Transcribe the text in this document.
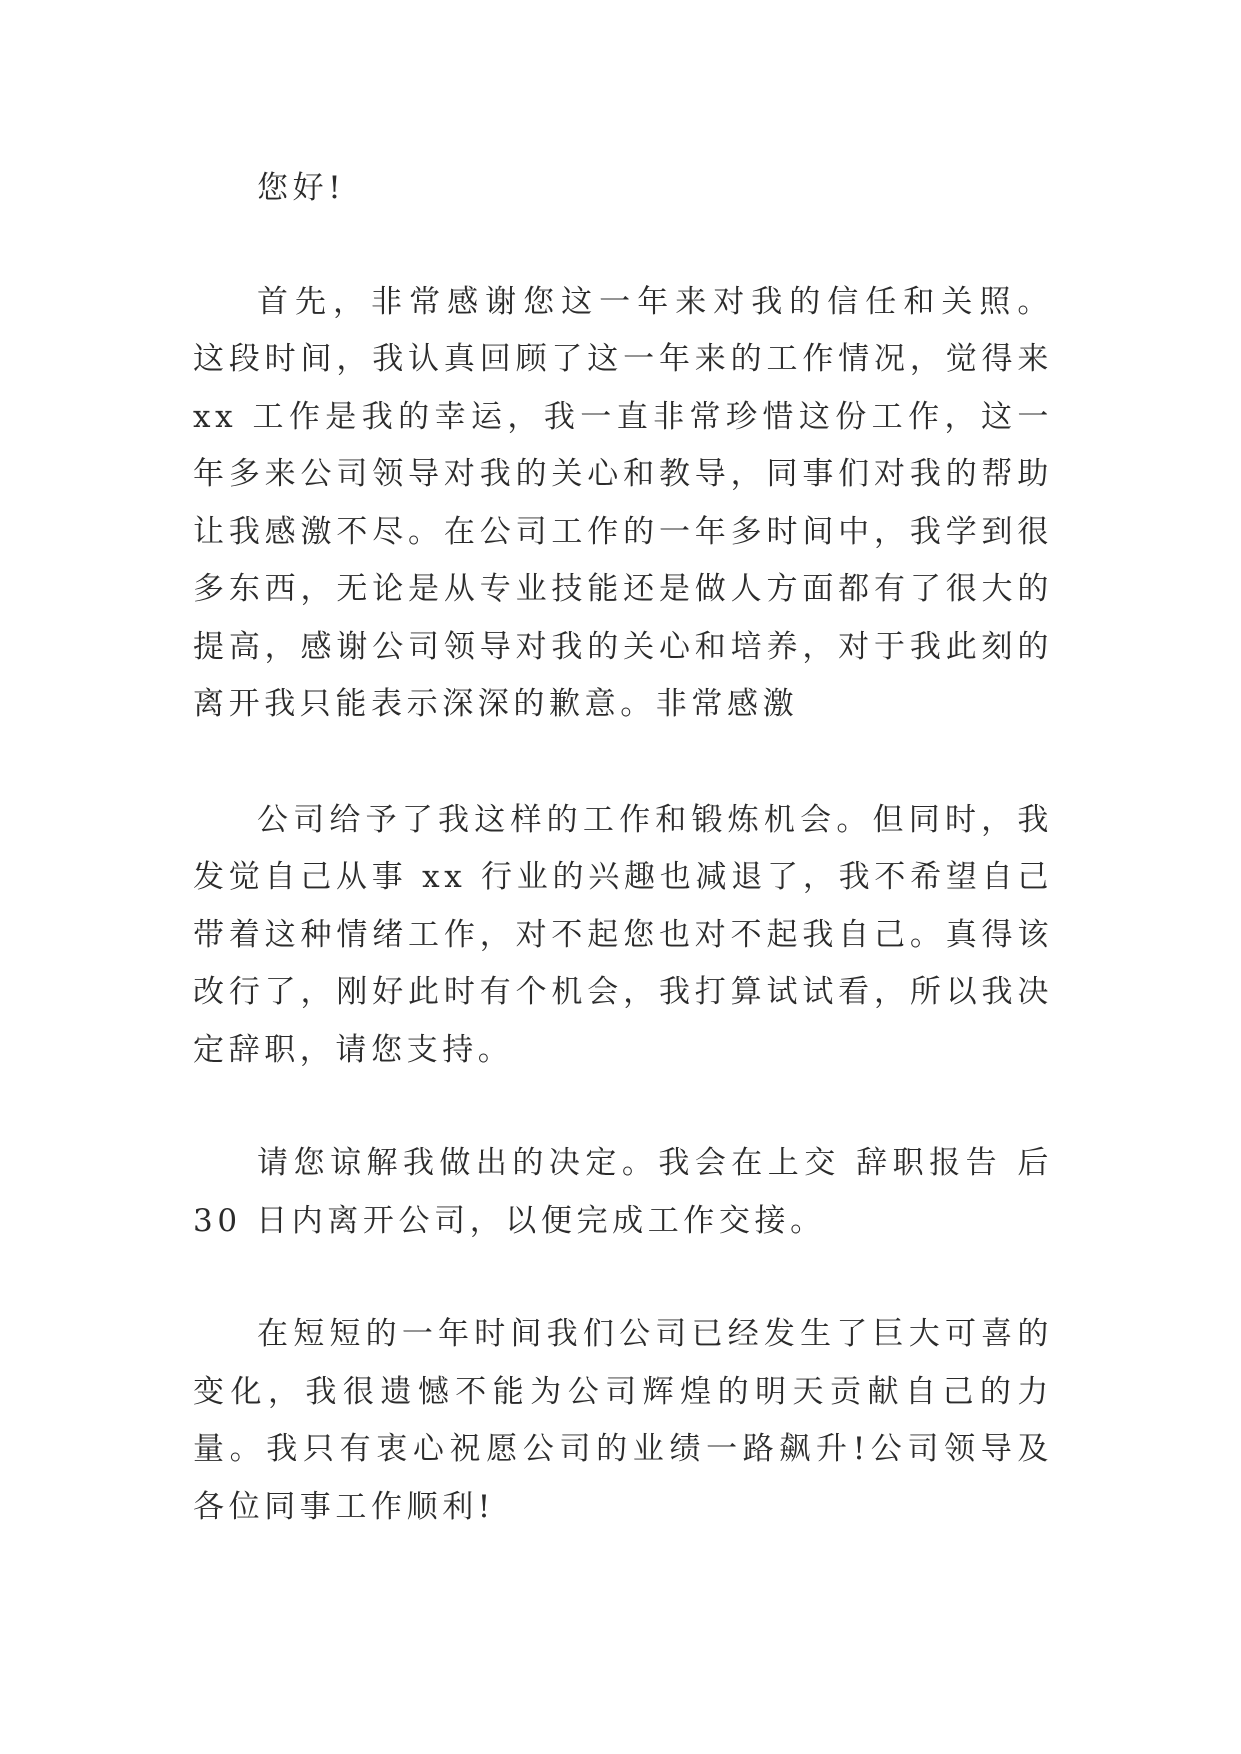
您好!

首先，非常感谢您这一年来对我的信任和关照。 这段时间，我认真回顾了这一年来的工作情况，觉得来 xx 工作是我的幸运，我一直非常珍惜这份工作，这一年多来公司领导对我的关心和教导，同事们对我的帮助让我感激不尽。在公司工作的一年多时间中，我学到很多东西，无论是从专业技能还是做人方面都有了很大的提高，感谢公司领导对我的关心和培养，对于我此刻的离开我只能表示深深的歉意。非常感激

公司给予了我这样的工作和锻炼机会。但同时，我发觉自己从事 xx 行业的兴趣也减退了，我不希望自己带着这种情绪工作，对不起您也对不起我自己。真得该改行了，刚好此时有个机会，我打算试试看，所以我决定辞职，请您支持。

请您谅解我做出的决定。我会在上交 辞职报告 后 30 日内离开公司，以便完成工作交接。

在短短的一年时间我们公司已经发生了巨大可喜的变化，我很遗憾不能为公司辉煌的明天贡献自己的力量。我只有衷心祝愿公司的业绩一路飙升!公司领导及各位同事工作顺利!
